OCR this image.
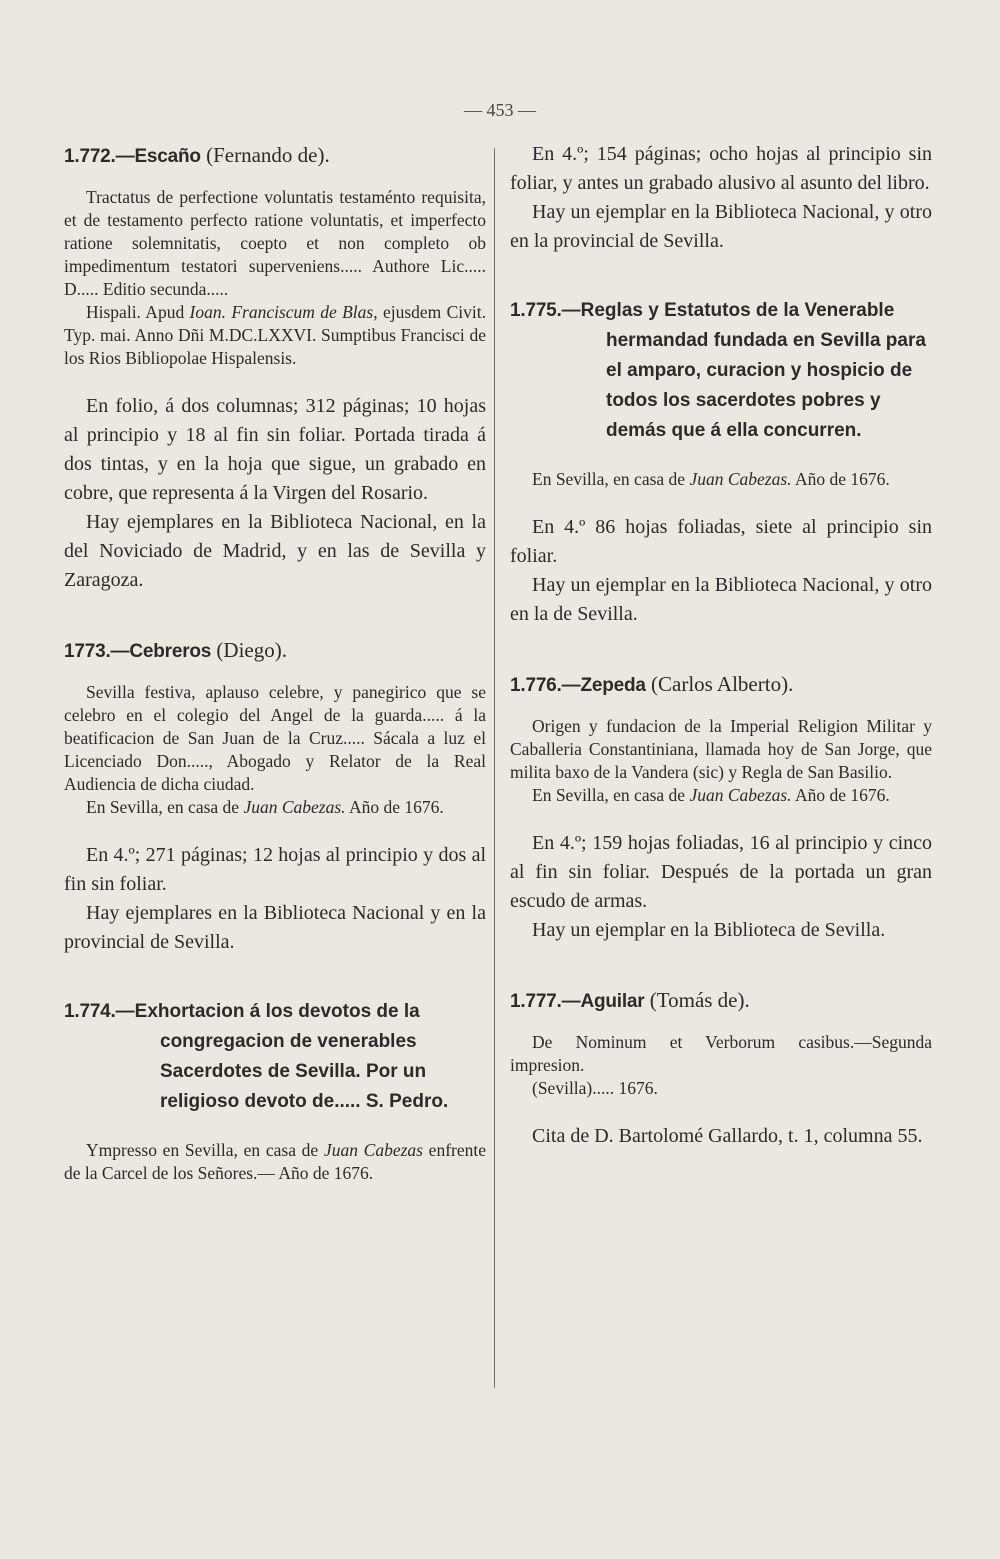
— 453 —
1.772.—Escaño (Fernando de).

Tractatus de perfectione voluntatis testaménto requisita, et de testamento perfecto ratione voluntatis, et imperfecto ratione solemnitatis, coepto et non completo ob impedimentum testatori superveniens..... Authore Lic..... D..... Editio secunda.....

Hispali. Apud Ioan. Franciscum de Blas, ejusdem Civit. Typ. mai. Anno Dñi M.DC.LXXVI. Sumptibus Francisci de los Rios Bibliopolae Hispalensis.

En folio, á dos columnas; 312 páginas; 10 hojas al principio y 18 al fin sin foliar. Portada tirada á dos tintas, y en la hoja que sigue, un grabado en cobre, que representa á la Virgen del Rosario.

Hay ejemplares en la Biblioteca Nacional, en la del Noviciado de Madrid, y en las de Sevilla y Zaragoza.

1773.—Cebreros (Diego).

Sevilla festiva, aplauso celebre, y panegirico que se celebro en el colegio del Angel de la guarda..... á la beatificacion de San Juan de la Cruz..... Sácala a luz el Licenciado Don....., Abogado y Relator de la Real Audiencia de dicha ciudad.

En Sevilla, en casa de Juan Cabezas. Año de 1676.

En 4.º; 271 páginas; 12 hojas al principio y dos al fin sin foliar.

Hay ejemplares en la Biblioteca Nacional y en la provincial de Sevilla.

1.774.—Exhortacion á los devotos de la congregacion de venerables Sacerdotes de Sevilla. Por un religioso devoto de..... S. Pedro.

Ympresso en Sevilla, en casa de Juan Cabezas enfrente de la Carcel de los Señores.— Año de 1676.

En 4.º; 154 páginas; ocho hojas al principio sin foliar, y antes un grabado alusivo al asunto del libro.

Hay un ejemplar en la Biblioteca Nacional, y otro en la provincial de Sevilla.

1.775.—Reglas y Estatutos de la Venerable hermandad fundada en Sevilla para el amparo, curacion y hospicio de todos los sacerdotes pobres y demás que á ella concurren.

En Sevilla, en casa de Juan Cabezas. Año de 1676.

En 4.º 86 hojas foliadas, siete al principio sin foliar.

Hay un ejemplar en la Biblioteca Nacional, y otro en la de Sevilla.

1.776.—Zepeda (Carlos Alberto).

Origen y fundacion de la Imperial Religion Militar y Caballeria Constantiniana, llamada hoy de San Jorge, que milita baxo de la Vandera (sic) y Regla de San Basilio.

En Sevilla, en casa de Juan Cabezas. Año de 1676.

En 4.º; 159 hojas foliadas, 16 al principio y cinco al fin sin foliar. Después de la portada un gran escudo de armas.

Hay un ejemplar en la Biblioteca de Sevilla.

1.777.—Aguilar (Tomás de).

De Nominum et Verborum casibus.—Segunda impresion.

(Sevilla)..... 1676.

Cita de D. Bartolomé Gallardo, t. 1, columna 55.
